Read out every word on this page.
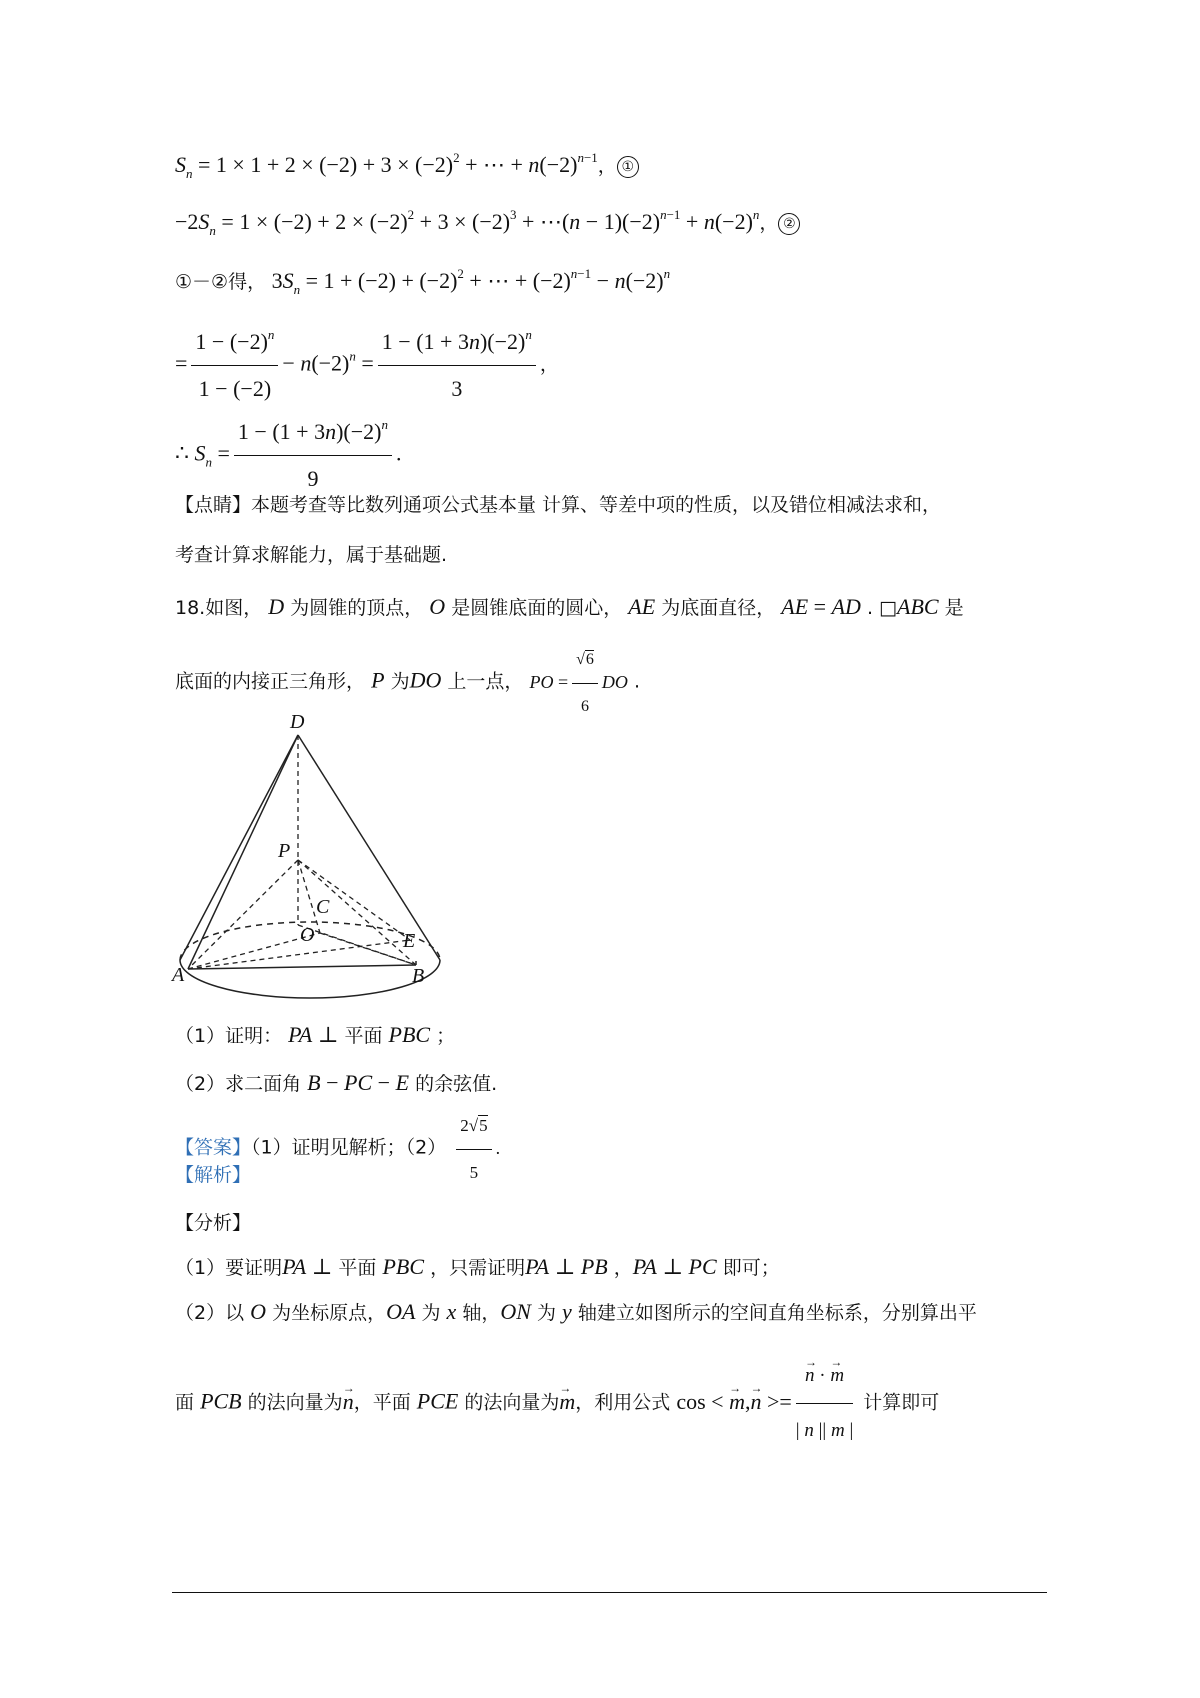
$S_n = 1 \times 1 + 2 \times (-2) + 3 \times (-2)^2$ + ⋯ + $n(-2)^{n-1}$， ①
$-2S_n = 1 \times (-2) + 2 \times (-2)^2 + 3 \times (-2)^3$ + ⋯(n − $1)(-2)^{n-1} + n(-2)^n$， ②
①－②得， $3S_n = 1 + (-2) + (-2)^2$ + ⋯ + $(-2)^{n-1} - n(-2)^n$
= $\frac{1 - (-2)^n}{1 - (-2)} - n(-2)^n = \frac{1 - (1 + 3n)(-2)^n}{3}$ ，
∴ $S_n = \frac{1 - (1 + 3n)(-2)^n}{9}$ .
【点睛】本题考查等比数列通项公式基本量 计算、等差中项的性质，以及错位相减法求和，
考查计算求解能力，属于基础题.
18.如图， D 为圆锥的顶点， O 是圆锥底面的圆心， AE 为底面直径， AE = AD . □ABC 是
底面的内接正三角形， P 为DO 上一点， PO = $\frac{√6}{6}$ DO .
D
P
C
O	E
A	B
（1）证明： PA ⊥ 平面 PBC ；
（2）求二面角 B − PC − E 的余弦值.
【答案】（1）证明见解析；$(2) \frac{2√5}{5}$ .
【解析】
【分析】
（1）要证明PA ⊥ 平面 PBC ，只需证明PA ⊥ PB ，PA ⊥ PC 即可；
（2）以 O 为坐标原点，OA 为 x 轴，ON 为 y 轴建立如图所示的空间直角坐标系，分别算出平
面 PCB 的法向量为→ n，平面 PCE 的法向量为→ m，利用公式 cos < → m,→ n >=
→ $\frac{n \cdot \to m}{| n || m |}$ 计算即可
